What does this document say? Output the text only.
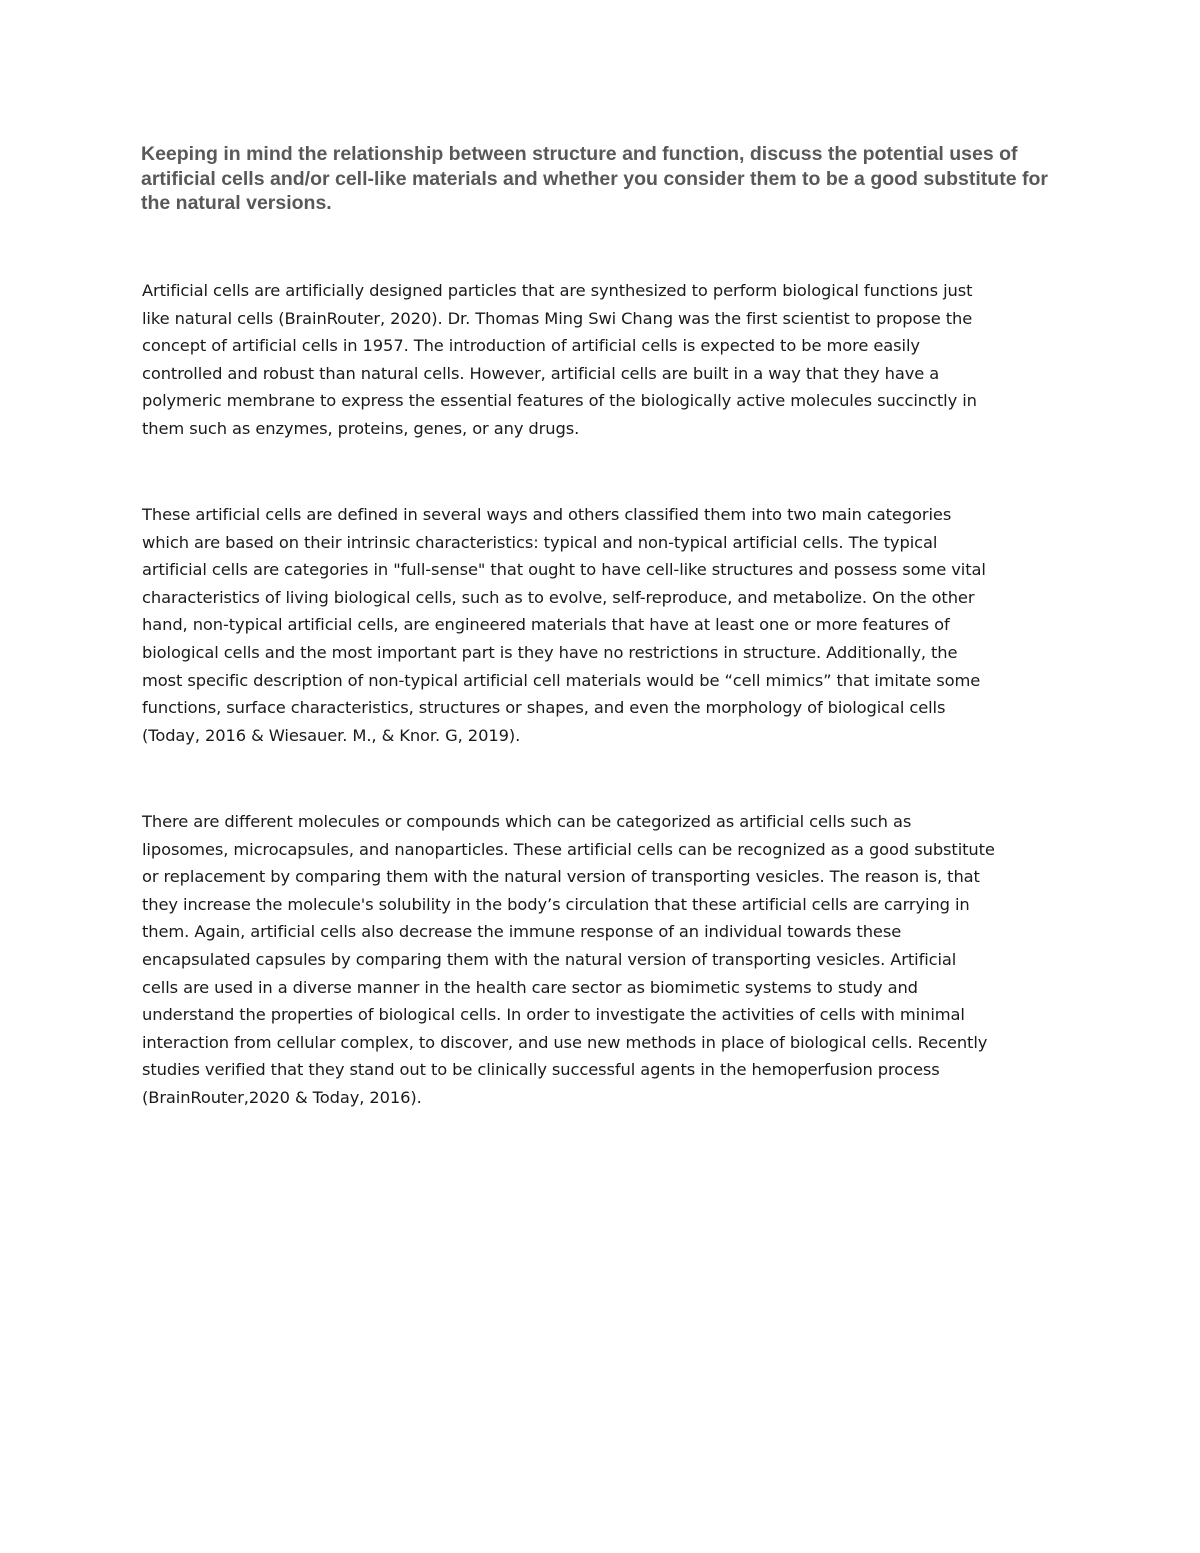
Keeping in mind the relationship between structure and function, discuss the potential uses of artificial cells and/or cell-like materials and whether you consider them to be a good substitute for the natural versions.

Artificial cells are artificially designed particles that are synthesized to perform biological functions just
like natural cells (BrainRouter, 2020). Dr. Thomas Ming Swi Chang was the first scientist to propose the
concept of artificial cells in 1957. The introduction of artificial cells is expected to be more easily
controlled and robust than natural cells. However, artificial cells are built in a way that they have a
polymeric membrane to express the essential features of the biologically active molecules succinctly in
them such as enzymes, proteins, genes, or any drugs.
These artificial cells are defined in several ways and others classified them into two main categories
which are based on their intrinsic characteristics: typical and non-typical artificial cells. The typical
artificial cells are categories in "full-sense" that ought to have cell-like structures and possess some vital
characteristics of living biological cells, such as to evolve, self-reproduce, and metabolize. On the other
hand, non-typical artificial cells, are engineered materials that have at least one or more features of
biological cells and the most important part is they have no restrictions in structure. Additionally, the
most specific description of non-typical artificial cell materials would be “cell mimics” that imitate some
functions, surface characteristics, structures or shapes, and even the morphology of biological cells
(Today, 2016 & Wiesauer. M., & Knor. G, 2019).
There are different molecules or compounds which can be categorized as artificial cells such as
liposomes, microcapsules, and nanoparticles. These artificial cells can be recognized as a good substitute
or replacement by comparing them with the natural version of transporting vesicles. The reason is, that
they increase the molecule's solubility in the body’s circulation that these artificial cells are carrying in
them. Again, artificial cells also decrease the immune response of an individual towards these
encapsulated capsules by comparing them with the natural version of transporting vesicles. Artificial
cells are used in a diverse manner in the health care sector as biomimetic systems to study and
understand the properties of biological cells. In order to investigate the activities of cells with minimal
interaction from cellular complex, to discover, and use new methods in place of biological cells. Recently
studies verified that they stand out to be clinically successful agents in the hemoperfusion process
(BrainRouter,2020 & Today, 2016).
